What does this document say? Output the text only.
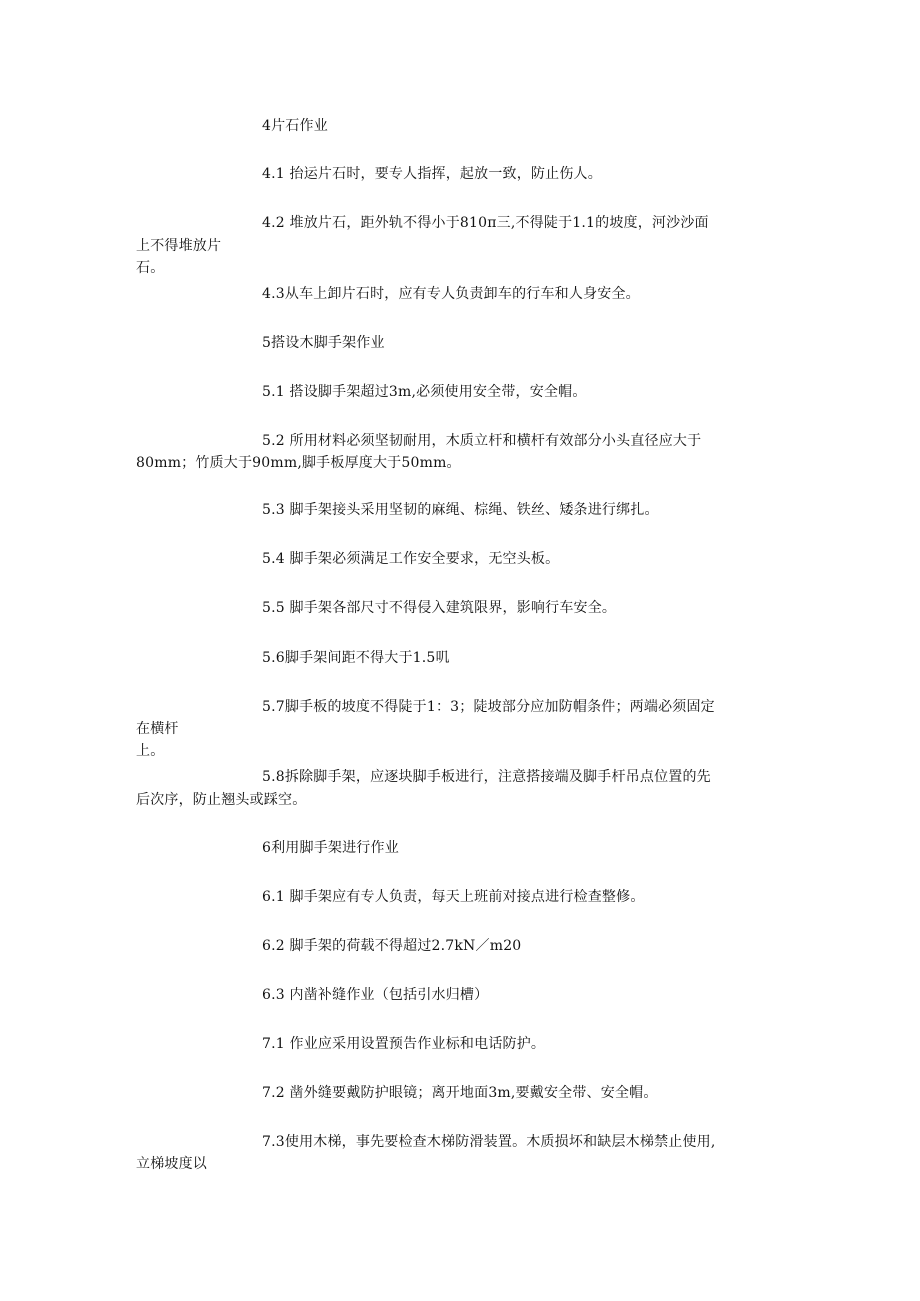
4片石作业
4.1 抬运片石时，要专人指挥，起放一致，防止伤人。
4.2 堆放片石，距外轨不得小于810π三,不得陡于1.1的坡度，河沙沙面
上不得堆放片
石。
4.3从车上卸片石时，应有专人负责卸车的行车和人身安全。
5搭设木脚手架作业
5.1 搭设脚手架超过3m,必须使用安全带，安全帽。
5.2 所用材料必须坚韧耐用，木质立杆和横杆有效部分小头直径应大于
80mm；竹质大于90mm,脚手板厚度大于50mm。
5.3 脚手架接头采用坚韧的麻绳、棕绳、铁丝、矮条进行绑扎。
5.4 脚手架必须满足工作安全要求，无空头板。
5.5 脚手架各部尺寸不得侵入建筑限界，影响行车安全。
5.6脚手架间距不得大于1.5叽
5.7脚手板的坡度不得陡于1：3；陡坡部分应加防帽条件；两端必须固定
在横杆
上。
5.8拆除脚手架，应逐块脚手板进行，注意搭接端及脚手杆吊点位置的先
后次序，防止翘头或踩空。
6利用脚手架进行作业
6.1 脚手架应有专人负责，每天上班前对接点进行检查整修。
6.2 脚手架的荷载不得超过2.7kN／m20
6.3 内凿补缝作业（包括引水归槽）
7.1 作业应采用设置预告作业标和电话防护。
7.2 凿外缝要戴防护眼镜；离开地面3m,要戴安全带、安全帽。
7.3使用木梯，事先要检查木梯防滑装置。木质损坏和缺层木梯禁止使用,
立梯坡度以
